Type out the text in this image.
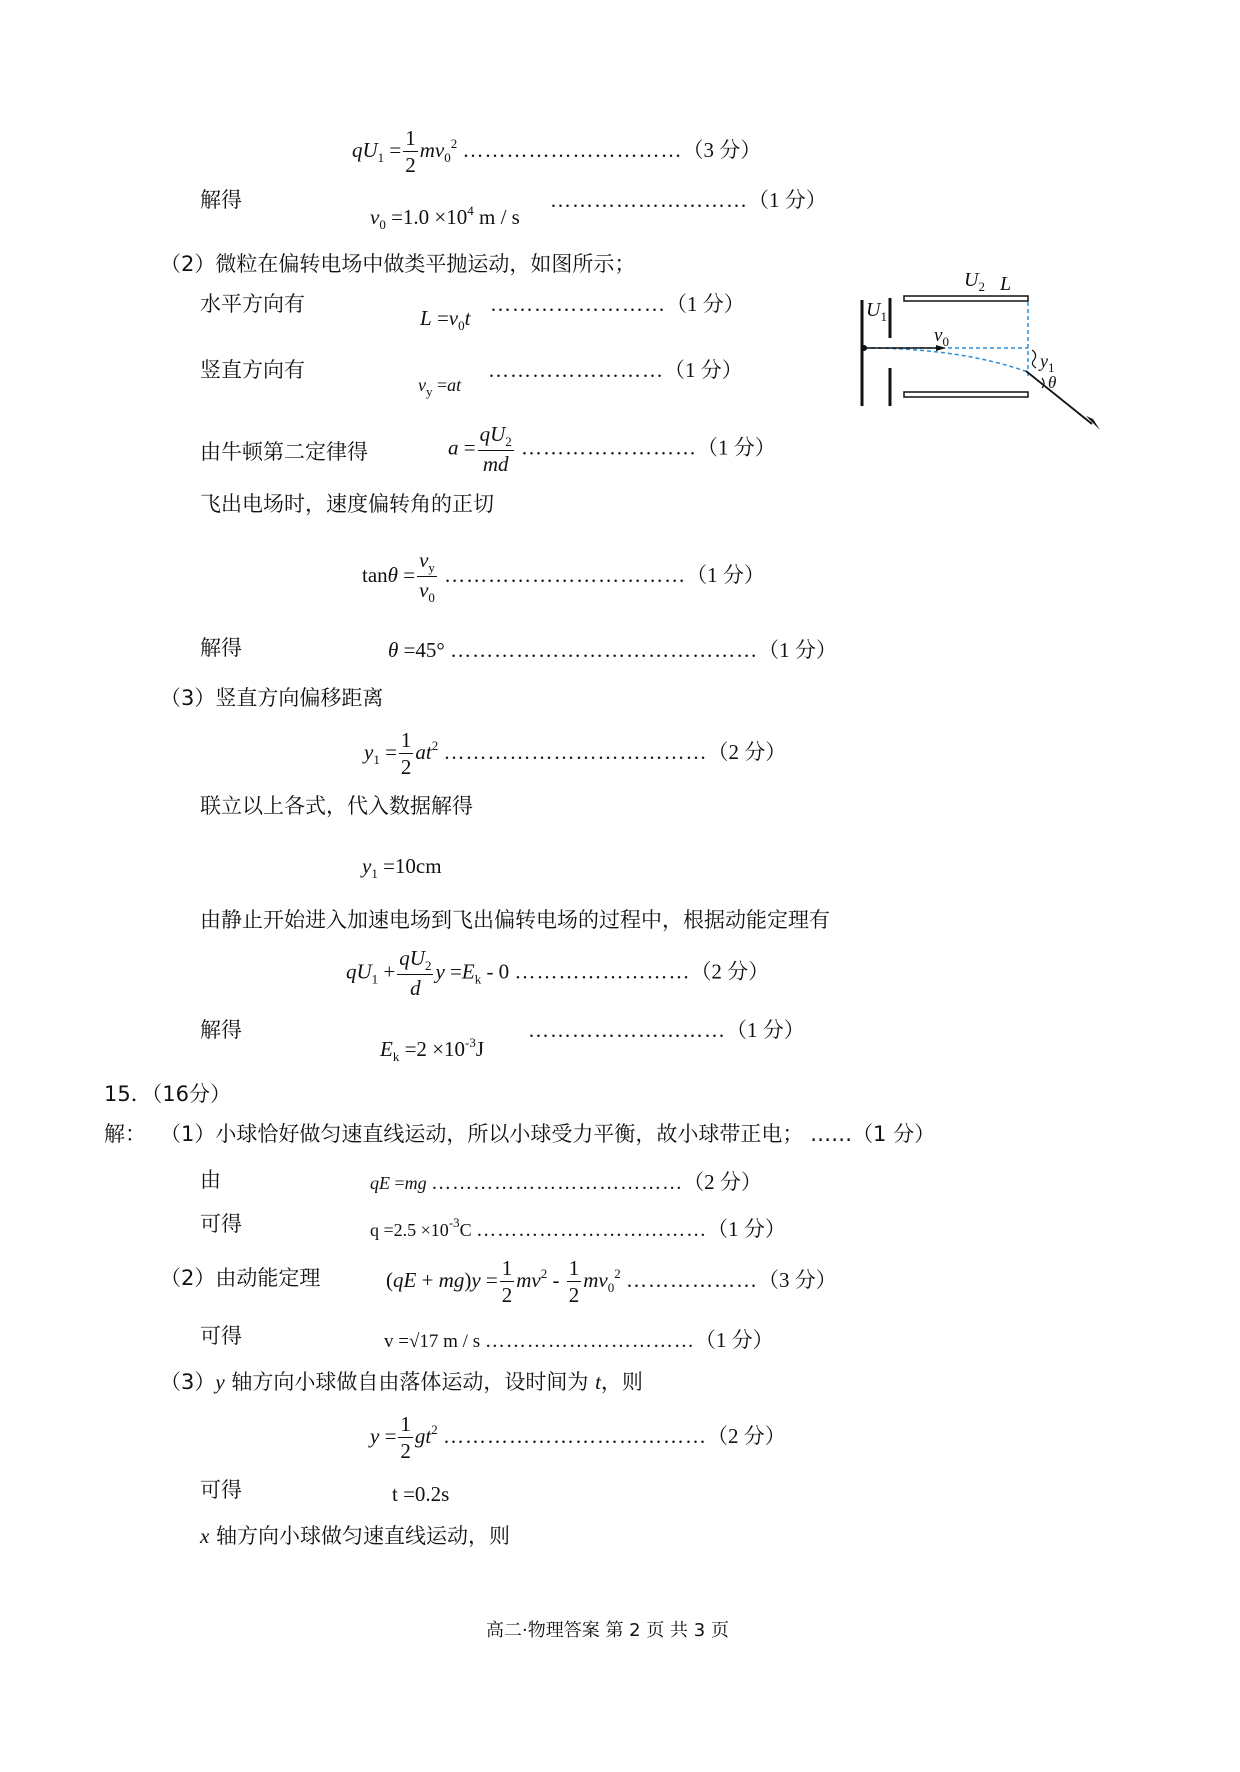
$qU_1 = \frac{1}{2} mv_0^2$ …………………………（3 分）
解得
$v_0 =1.0 \times 10^4$ m / s
………………………（1 分）
（2）微粒在偏转电场中做类平抛运动，如图所示；
水平方向有
$L =v_0t$
……………………（1 分）
竖直方向有
$v_y =at$
……………………（1 分）
由牛顿第二定律得	$a = \frac{qU_2}{md}$ ……………………（1 分）
飞出电场时，速度偏转角的正切
$\tan\theta = \frac{v_y}{v_0}$ ……………………………（1 分）
解得	θ =45° ……………………………………（1 分）
（3）竖直方向偏移距离
$y_1 = \frac{1}{2} at^2$ ………………………………（2 分）
联立以上各式，代入数据解得
$y_1 =10cm$
由静止开始进入加速电场到飞出偏转电场的过程中，根据动能定理有
$qU_1 + \frac{qU_2}{d}$ $y =E_k - 0$ ……………………（2 分）
解得
$E_k =2 \times 10^{-3}J$
………………………（1 分）
15．（16分）
解： （1）小球恰好做匀速直线运动，所以小球受力平衡，故小球带正电； ……（1 分）
由	qE =mg ………………………………（2 分）
可得	$q =2.5 \times 10^{-3}C$ ……………………………（1 分）
（2）由动能定理	$(qE + mg)y = \frac{1}{2} mv^2 - \frac{1}{2} mv_0^2$ ………………（3 分）
可得	v =√17 m / s …………………………（1 分）
（3）y 轴方向小球做自由落体运动，设时间为 t，则
$y = \frac{1}{2} gt^2$ ………………………………（2 分）
可得	t =0.2s
x 轴方向小球做匀速直线运动，则
高二·物理答案 第 2 页 共 3 页
$U_1$
$U_2$ L
$v_0$
$y_1$
θ
